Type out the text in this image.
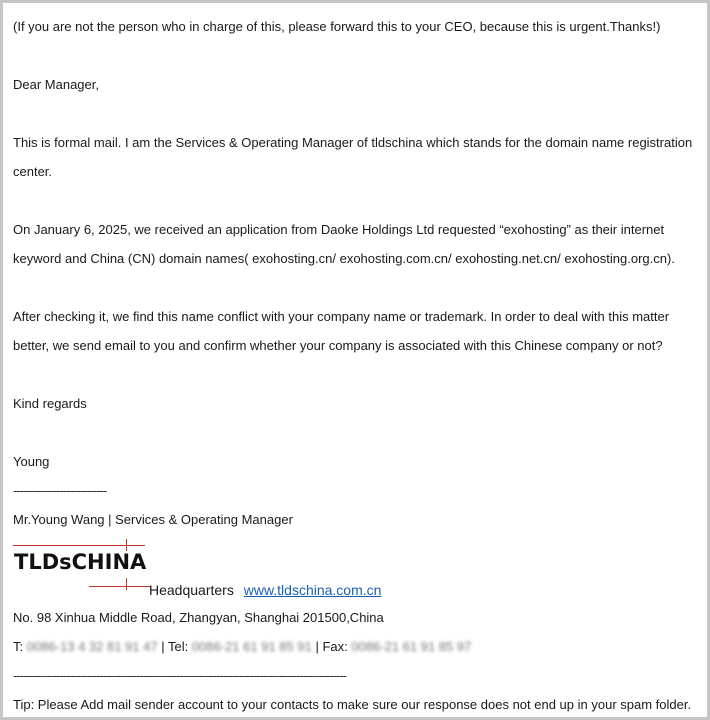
(If you are not the person who in charge of this, please forward this to your CEO, because this is urgent.Thanks!)
Dear Manager,
This is formal mail. I am the Services & Operating Manager of tldschina which stands for the domain name registration
center.
On January 6, 2025, we received an application from Daoke Holdings Ltd requested “exohosting” as their internet
keyword and China (CN) domain names( exohosting.cn/ exohosting.com.cn/ exohosting.net.cn/ exohosting.org.cn).
After checking it, we find this name conflict with your company name or trademark. In order to deal with this matter
better, we send email to you and confirm whether your company is associated with this Chinese company or not?
Kind regards
Young
----------------------------
Mr.Young Wang | Services & Operating Manager
TLDsCHINA
Headquarters www.tldschina.com.cn
No. 98 Xinhua Middle Road, Zhangyan, Shanghai 201500,China
T: 0086-13 4 32 81 91 47 | Tel: 0086-21 61 91 85 91 | Fax: 0086-21 61 91 85 97
----------------------------------------------------------------------------------------------------
Tip: Please Add mail sender account to your contacts to make sure our response does not end up in your spam folder.
